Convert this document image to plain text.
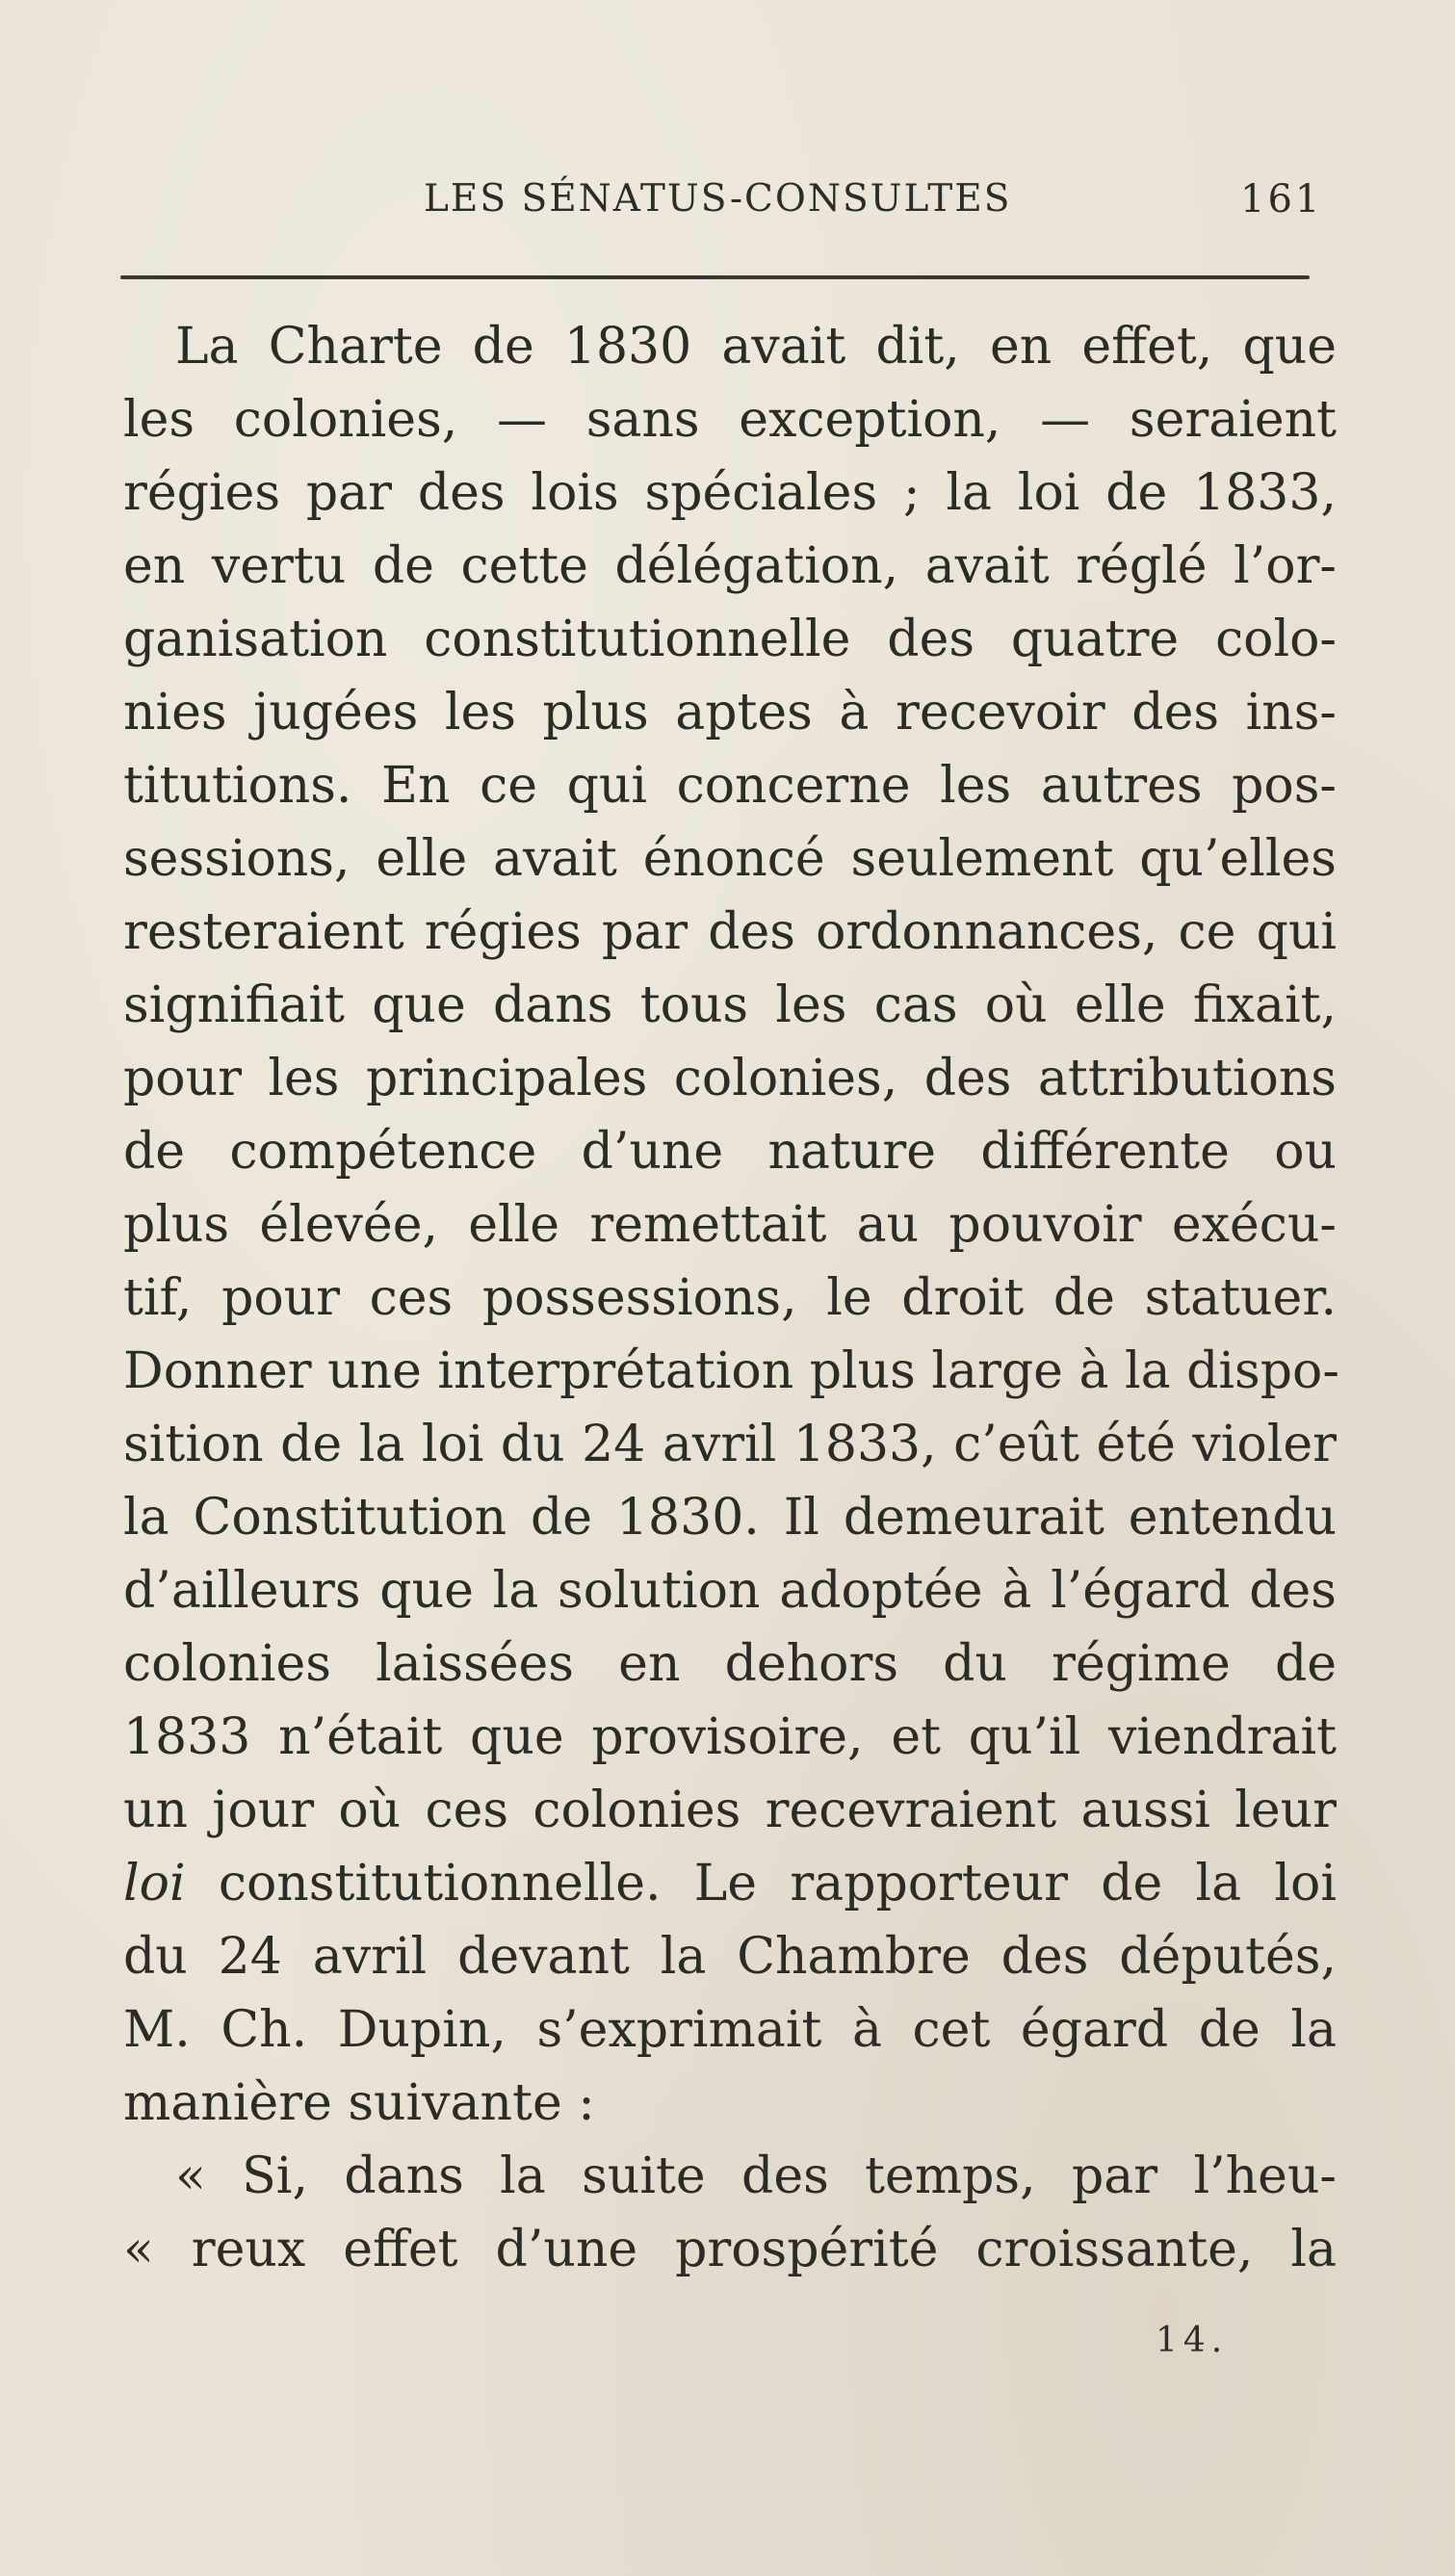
LES SÉNATUS-CONSULTES	161
La Charte de 1830 avait dit, en effet, que
les colonies, — sans exception, — seraient
régies par des lois spéciales ; la loi de 1833,
en vertu de cette délégation, avait réglé l’or-
ganisation constitutionnelle des quatre colo-
nies jugées les plus aptes à recevoir des ins-
titutions. En ce qui concerne les autres pos-
sessions, elle avait énoncé seulement qu’elles
resteraient régies par des ordonnances, ce qui
signifiait que dans tous les cas où elle fixait,
pour les principales colonies, des attributions
de compétence d’une nature différente ou
plus élevée, elle remettait au pouvoir exécu-
tif, pour ces possessions, le droit de statuer.
Donner une interprétation plus large à la dispo-
sition de la loi du 24 avril 1833, c’eût été violer
la Constitution de 1830. Il demeurait entendu
d’ailleurs que la solution adoptée à l’égard des
colonies laissées en dehors du régime de
1833 n’était que provisoire, et qu’il viendrait
un jour où ces colonies recevraient aussi leur
loi constitutionnelle. Le rapporteur de la loi
du 24 avril devant la Chambre des députés,
M. Ch. Dupin, s’exprimait à cet égard de la
manière suivante :
« Si, dans la suite des temps, par l’heu-
« reux effet d’une prospérité croissante, la
14.
